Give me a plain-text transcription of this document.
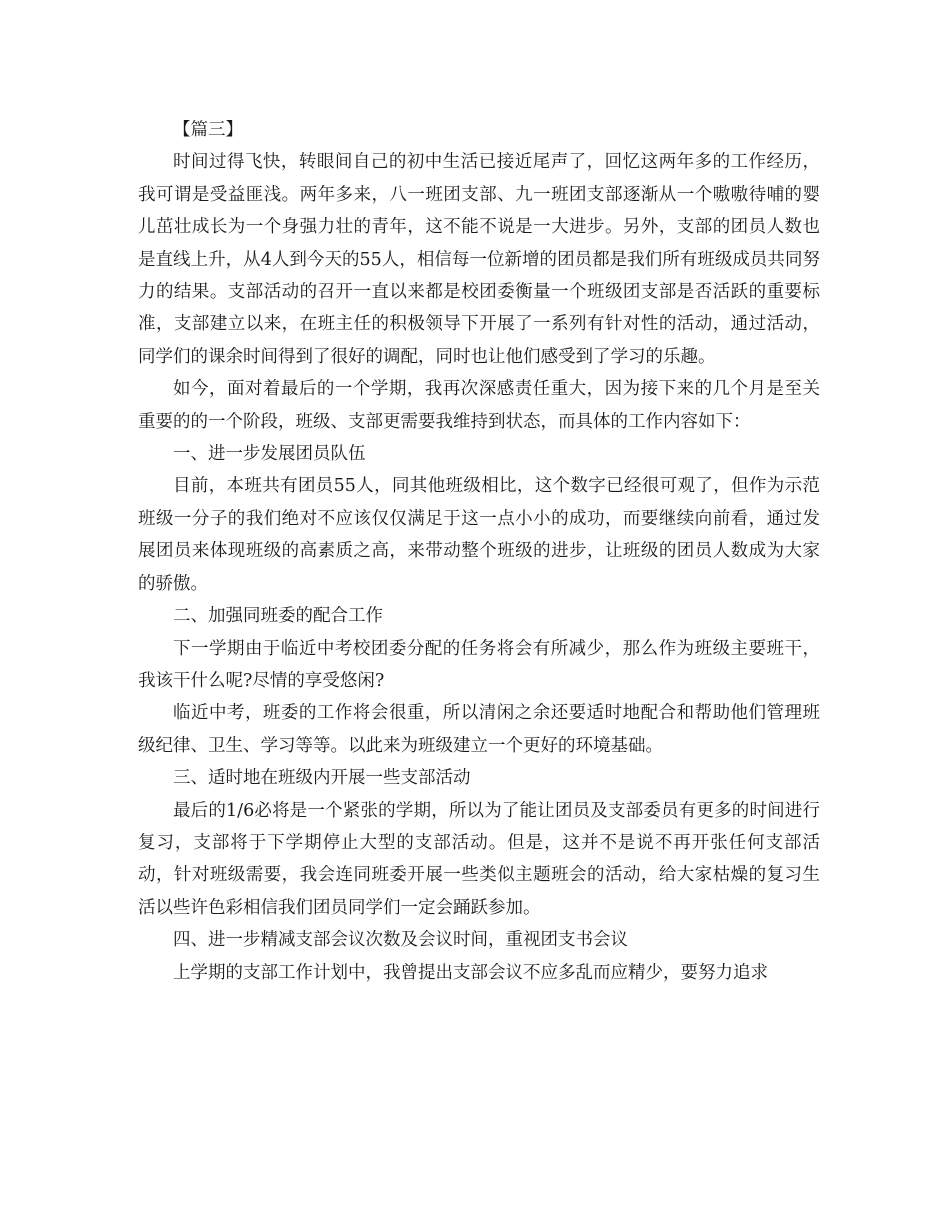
【篇三】

时间过得飞快，转眼间自己的初中生活已接近尾声了，回忆这两年多的工作经历，我可谓是受益匪浅。两年多来，八一班团支部、九一班团支部逐渐从一个嗷嗷待哺的婴儿茁壮成长为一个身强力壮的青年，这不能不说是一大进步。另外，支部的团员人数也是直线上升，从4人到今天的55人，相信每一位新增的团员都是我们所有班级成员共同努力的结果。支部活动的召开一直以来都是校团委衡量一个班级团支部是否活跃的重要标准，支部建立以来，在班主任的积极领导下开展了一系列有针对性的活动，通过活动，同学们的课余时间得到了很好的调配，同时也让他们感受到了学习的乐趣。

如今，面对着最后的一个学期，我再次深感责任重大，因为接下来的几个月是至关重要的的一个阶段，班级、支部更需要我维持到状态，而具体的工作内容如下：

一、进一步发展团员队伍

目前，本班共有团员55人，同其他班级相比，这个数字已经很可观了，但作为示范班级一分子的我们绝对不应该仅仅满足于这一点小小的成功，而要继续向前看，通过发展团员来体现班级的高素质之高，来带动整个班级的进步，让班级的团员人数成为大家的骄傲。

二、加强同班委的配合工作

下一学期由于临近中考校团委分配的任务将会有所减少，那么作为班级主要班干，我该干什么呢?尽情的享受悠闲?

临近中考，班委的工作将会很重，所以清闲之余还要适时地配合和帮助他们管理班级纪律、卫生、学习等等。以此来为班级建立一个更好的环境基础。

三、适时地在班级内开展一些支部活动

最后的1/6必将是一个紧张的学期，所以为了能让团员及支部委员有更多的时间进行复习，支部将于下学期停止大型的支部活动。但是，这并不是说不再开张任何支部活动，针对班级需要，我会连同班委开展一些类似主题班会的活动，给大家枯燥的复习生活以些许色彩相信我们团员同学们一定会踊跃参加。

四、进一步精减支部会议次数及会议时间，重视团支书会议

上学期的支部工作计划中，我曾提出支部会议不应多乱而应精少，要努力追求
